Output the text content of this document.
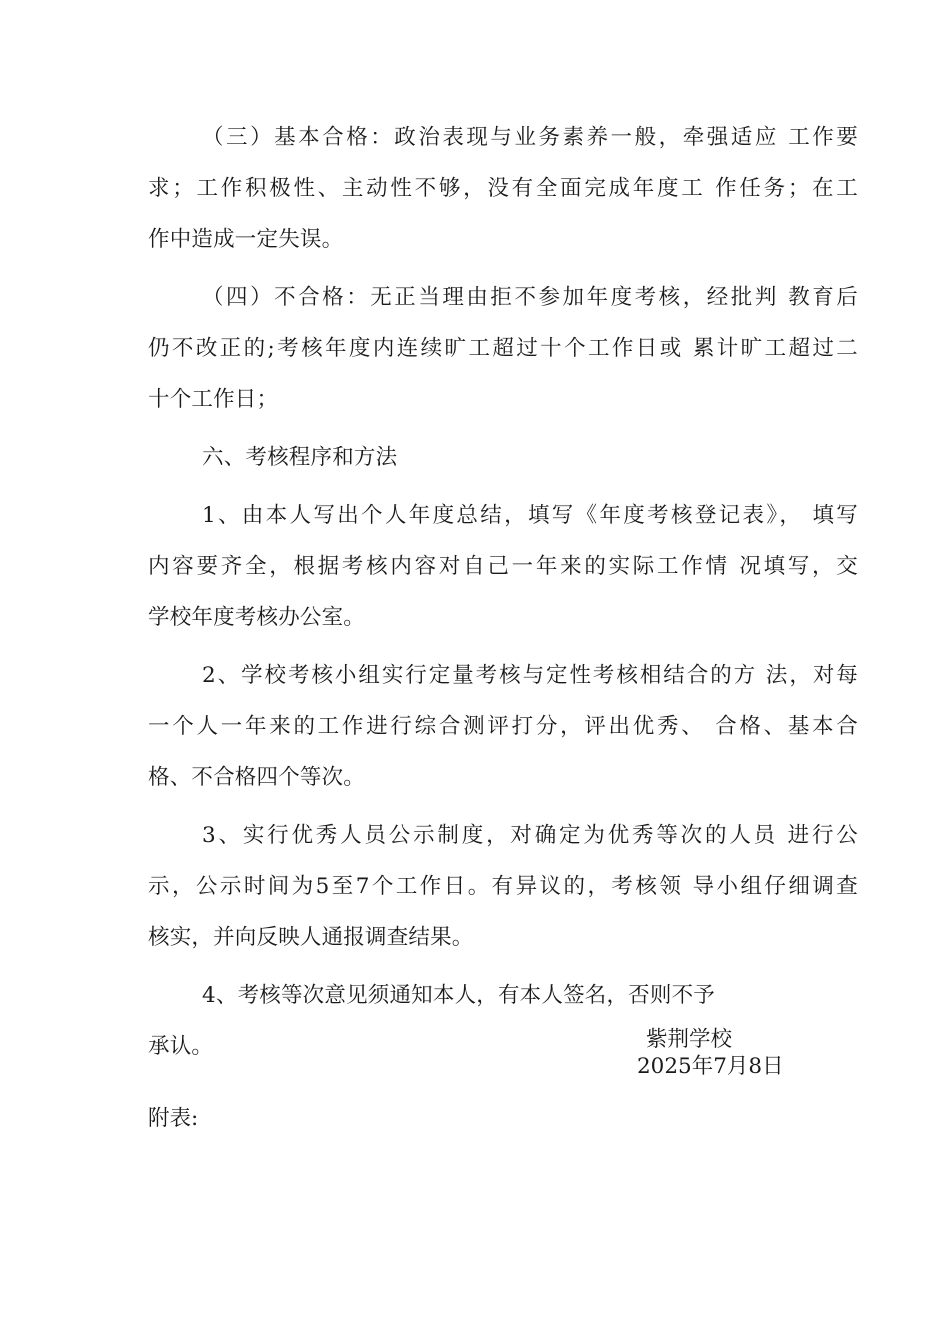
（三）基本合格：政治表现与业务素养一般，牵强适应 工作要
求；工作积极性、主动性不够，没有全面完成年度工 作任务；在工
作中造成一定失误。
（四）不合格：无正当理由拒不参加年度考核，经批判 教育后
仍不改正的;考核年度内连续旷工超过十个工作日或 累计旷工超过二
十个工作日；
六、考核程序和方法
1、由本人写出个人年度总结，填写《年度考核登记表》， 填写
内容要齐全，根据考核内容对自己一年来的实际工作情 况填写，交
学校年度考核办公室。
2、学校考核小组实行定量考核与定性考核相结合的方 法，对每
一个人一年来的工作进行综合测评打分，评出优秀、 合格、基本合
格、不合格四个等次。
3、实行优秀人员公示制度，对确定为优秀等次的人员 进行公
示，公示时间为5至7个工作日。有异议的，考核领 导小组仔细调查
核实，并向反映人通报调查结果。
4、考核等次意见须通知本人，有本人签名，否则不予
承认。	紫荆学校
2025年7月8日
附表:
